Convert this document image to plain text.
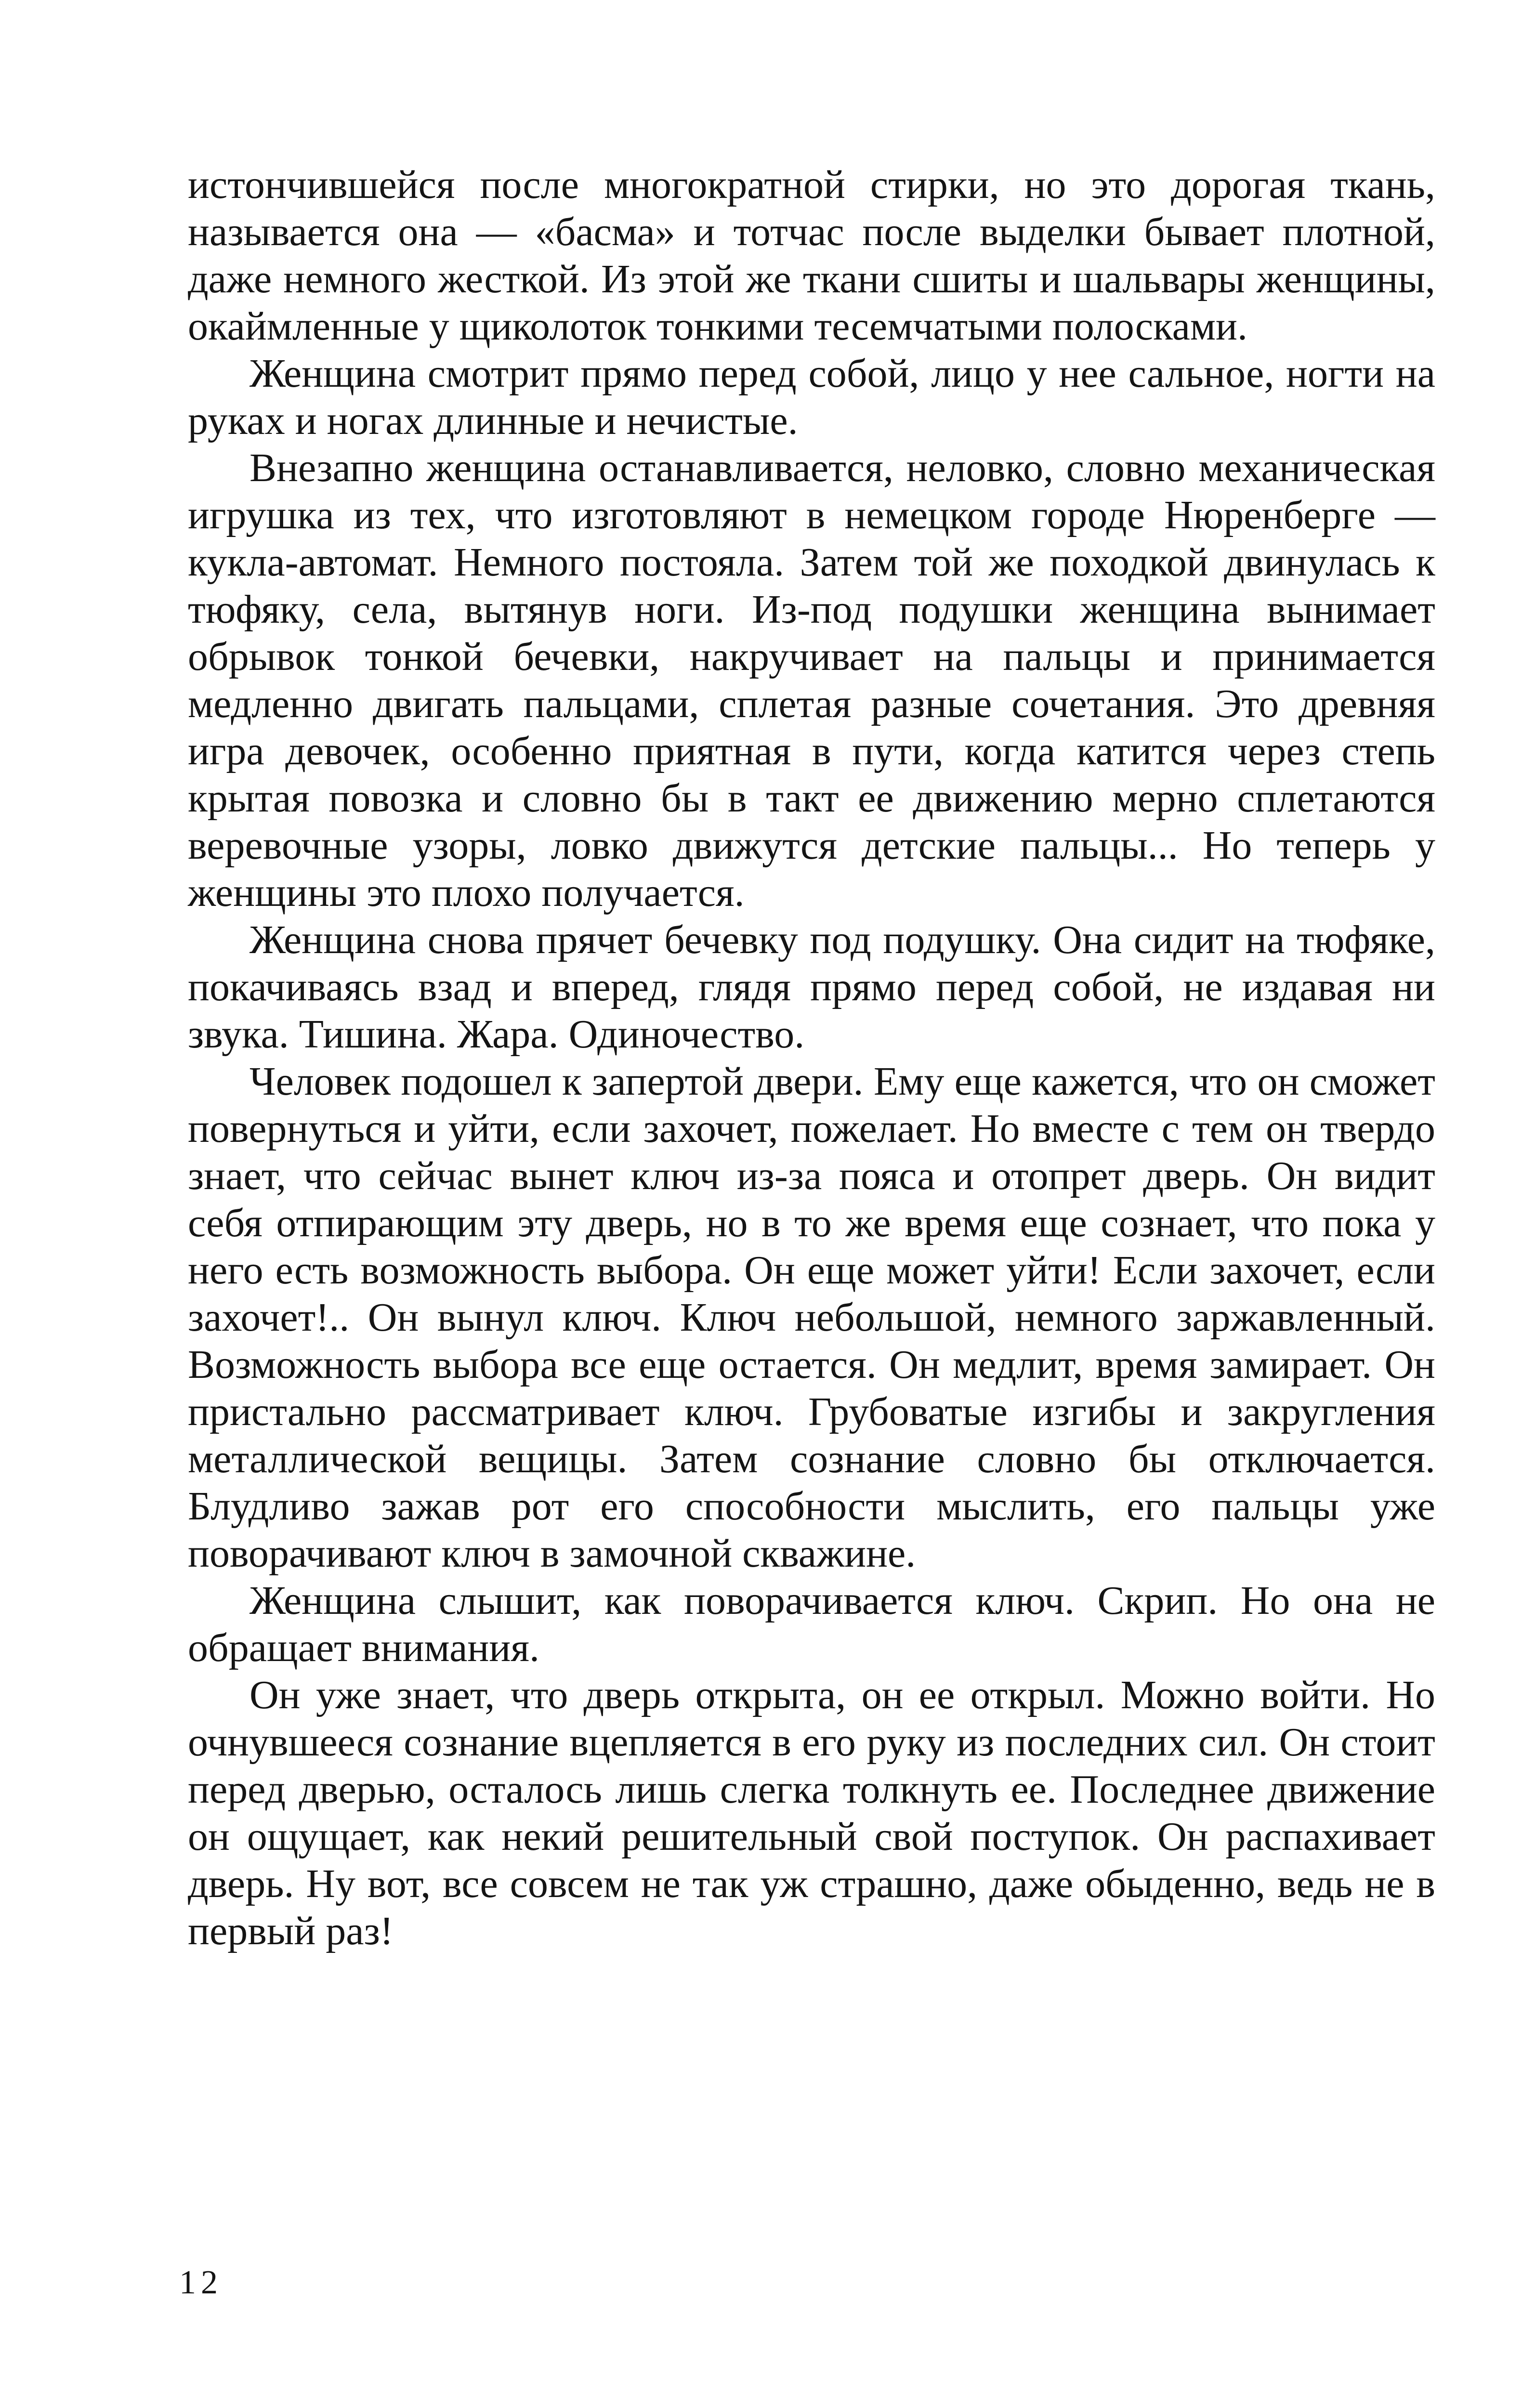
истончившейся после многократной стирки, но это дорогая ткань, называется она — «басма» и тотчас после выделки бывает плотной, даже немного жесткой. Из этой же ткани сшиты и шальвары женщины, окаймленные у щиколоток тонкими тесемчатыми полосками.

Женщина смотрит прямо перед собой, лицо у нее сальное, ногти на руках и ногах длинные и нечистые.

Внезапно женщина останавливается, неловко, словно механическая игрушка из тех, что изготовляют в немецком городе Нюренберге — кукла-автомат. Немного постояла. Затем той же походкой двинулась к тюфяку, села, вытянув ноги. Из-под подушки женщина вынимает обрывок тонкой бечевки, накручивает на пальцы и принимается медленно двигать пальцами, сплетая разные сочетания. Это древняя игра девочек, особенно приятная в пути, когда катится через степь крытая повозка и словно бы в такт ее движению мерно сплетаются веревочные узоры, ловко движутся детские пальцы... Но теперь у женщины это плохо получается.

Женщина снова прячет бечевку под подушку. Она сидит на тюфяке, покачиваясь взад и вперед, глядя прямо перед собой, не издавая ни звука. Тишина. Жара. Одиночество.

Человек подошел к запертой двери. Ему еще кажется, что он сможет повернуться и уйти, если захочет, пожелает. Но вместе с тем он твердо знает, что сейчас вынет ключ из-за пояса и отопрет дверь. Он видит себя отпирающим эту дверь, но в то же время еще сознает, что пока у него есть возможность выбора. Он еще может уйти! Если захочет, если захочет!.. Он вынул ключ. Ключ небольшой, немного заржавленный. Возможность выбора все еще остается. Он медлит, время замирает. Он пристально рассматривает ключ. Грубоватые изгибы и закругления металлической вещицы. Затем сознание словно бы отключается. Блудливо зажав рот его способности мыслить, его пальцы уже поворачивают ключ в замочной скважине.

Женщина слышит, как поворачивается ключ. Скрип. Но она не обращает внимания.

Он уже знает, что дверь открыта, он ее открыл. Можно войти. Но очнувшееся сознание вцепляется в его руку из последних сил. Он стоит перед дверью, осталось лишь слегка толкнуть ее. Последнее движение он ощущает, как некий решительный свой поступок. Он распахивает дверь. Ну вот, все совсем не так уж страшно, даже обыденно, ведь не в первый раз!

12
